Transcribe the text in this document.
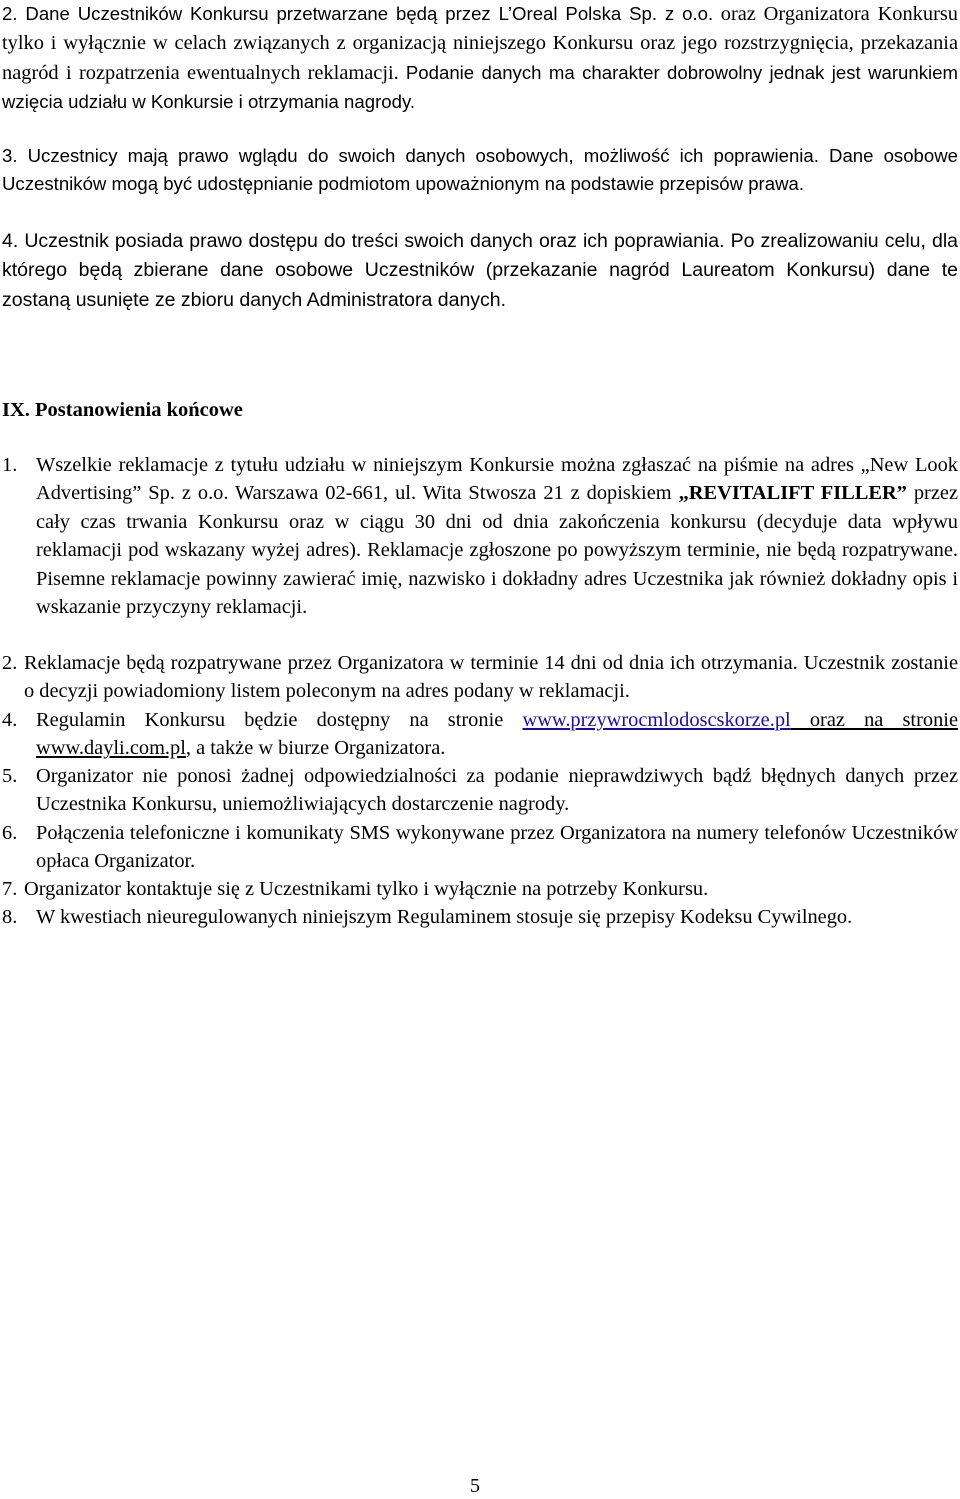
2. Dane Uczestników Konkursu przetwarzane będą przez L’Oreal Polska Sp. z o.o. oraz Organizatora Konkursu tylko i wyłącznie w celach związanych z organizacją niniejszego Konkursu oraz jego rozstrzygnięcia, przekazania nagród i rozpatrzenia ewentualnych reklamacji. Podanie danych ma charakter dobrowolny jednak jest warunkiem wzięcia udziału w Konkursie i otrzymania nagrody.

3. Uczestnicy mają prawo wglądu do swoich danych osobowych, możliwość ich poprawienia. Dane osobowe Uczestników mogą być udostępnianie podmiotom upoważnionym na podstawie przepisów prawa.

4. Uczestnik posiada prawo dostępu do treści swoich danych oraz ich poprawiania. Po zrealizowaniu celu, dla którego będą zbierane dane osobowe Uczestników (przekazanie nagród Laureatom Konkursu) dane te zostaną usunięte ze zbioru danych Administratora danych.

IX. Postanowienia końcowe
1. Wszelkie reklamacje z tytułu udziału w niniejszym Konkursie można zgłaszać na piśmie na adres „New Look Advertising” Sp. z o.o. Warszawa 02-661, ul. Wita Stwosza 21 z dopiskiem „REVITALIFT FILLER” przez cały czas trwania Konkursu oraz w ciągu 30 dni od dnia zakończenia konkursu (decyduje data wpływu reklamacji pod wskazany wyżej adres). Reklamacje zgłoszone po powyższym terminie, nie będą rozpatrywane. Pisemne reklamacje powinny zawierać imię, nazwisko i dokładny adres Uczestnika jak również dokładny opis i wskazanie przyczyny reklamacji.
2. Reklamacje będą rozpatrywane przez Organizatora w terminie 14 dni od dnia ich otrzymania. Uczestnik zostanie o decyzji powiadomiony listem poleconym na adres podany w reklamacji.
4. Regulamin Konkursu będzie dostępny na stronie www.przywrocmlodoscskorze.pl oraz na stronie www.dayli.com.pl, a także w biurze Organizatora.
5. Organizator nie ponosi żadnej odpowiedzialności za podanie nieprawdziwych bądź błędnych danych przez Uczestnika Konkursu, uniemożliwiających dostarczenie nagrody.
6. Połączenia telefoniczne i komunikaty SMS wykonywane przez Organizatora na numery telefonów Uczestników opłaca Organizator.
7. Organizator kontaktuje się z Uczestnikami tylko i wyłącznie na potrzeby Konkursu.
8. W kwestiach nieuregulowanych niniejszym Regulaminem stosuje się przepisy Kodeksu Cywilnego.
5
